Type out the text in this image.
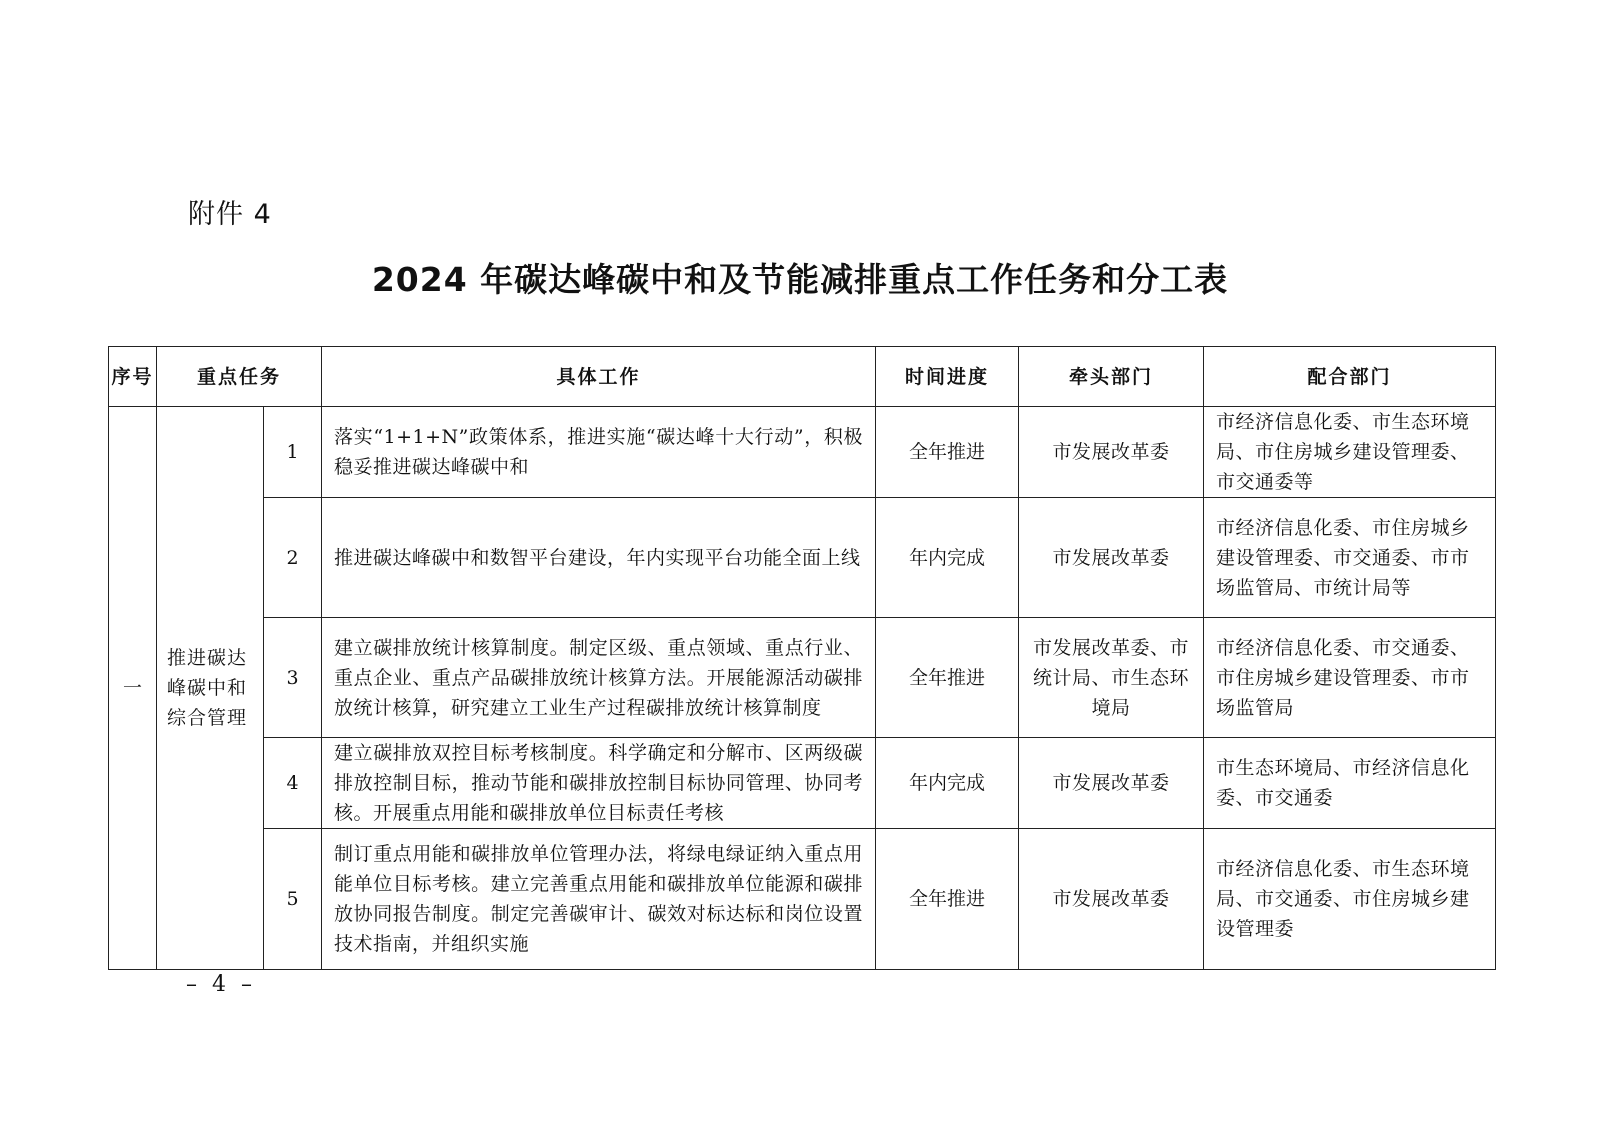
附件 4
2024 年碳达峰碳中和及节能减排重点工作任务和分工表
序号	重点任务		具体工作	时间进度	牵头部门	配合部门
一	推进碳达峰碳中和综合管理	1	落实“1+1+N”政策体系，推进实施“碳达峰十大行动”，积极稳妥推进碳达峰碳中和	全年推进	市发展改革委	市经济信息化委、市生态环境局、市住房城乡建设管理委、市交通委等
		2	推进碳达峰碳中和数智平台建设，年内实现平台功能全面上线	年内完成	市发展改革委	市经济信息化委、市住房城乡建设管理委、市交通委、市市场监管局、市统计局等
		3	建立碳排放统计核算制度。制定区级、重点领域、重点行业、重点企业、重点产品碳排放统计核算方法。开展能源活动碳排放统计核算，研究建立工业生产过程碳排放统计核算制度	全年推进	市发展改革委、市统计局、市生态环境局	市经济信息化委、市交通委、市住房城乡建设管理委、市市场监管局
		4	建立碳排放双控目标考核制度。科学确定和分解市、区两级碳排放控制目标，推动节能和碳排放控制目标协同管理、协同考核。开展重点用能和碳排放单位目标责任考核	年内完成	市发展改革委	市生态环境局、市经济信息化委、市交通委
		5	制订重点用能和碳排放单位管理办法，将绿电绿证纳入重点用能单位目标考核。建立完善重点用能和碳排放单位能源和碳排放协同报告制度。制定完善碳审计、碳效对标达标和岗位设置技术指南，并组织实施	全年推进	市发展改革委	市经济信息化委、市生态环境局、市交通委、市住房城乡建设管理委
– 4 –
